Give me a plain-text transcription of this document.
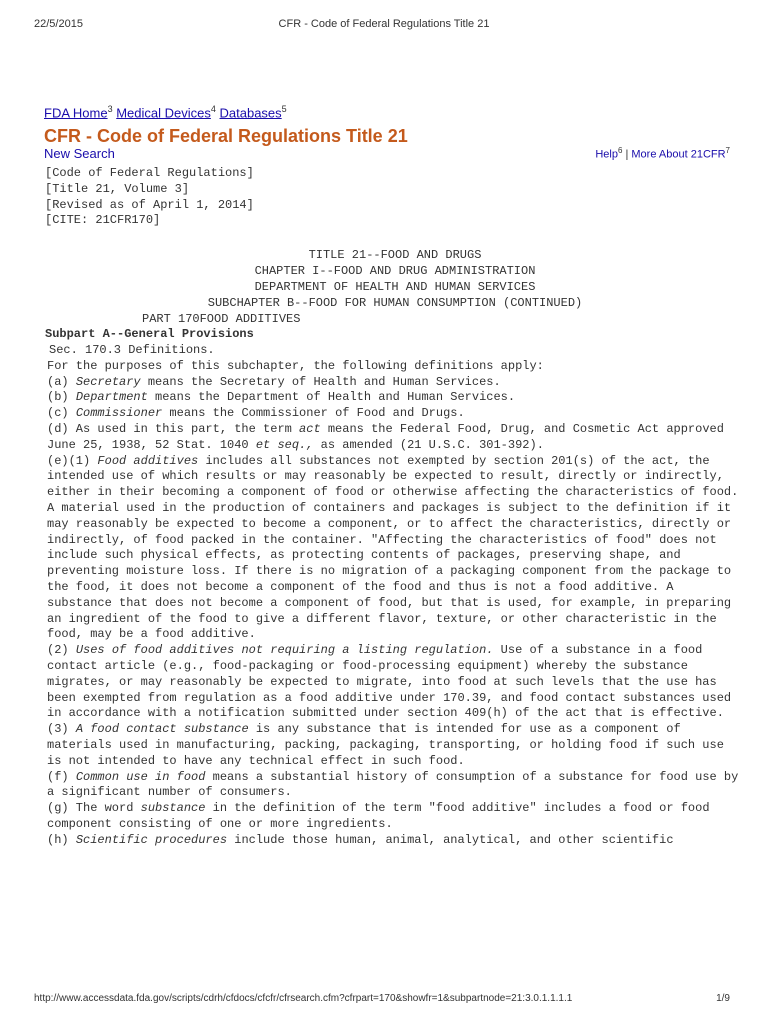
22/5/2015	CFR - Code of Federal Regulations Title 21
FDA Home$^3$ Medical Devices$^4$ Databases$^5$
CFR - Code of Federal Regulations Title 21
New Search	Help$^6$ | More About 21CFR$^7$

[Code of Federal Regulations]

[Title 21, Volume 3]

[Revised as of April 1, 2014]

[CITE: 21CFR170]

TITLE 21--FOOD AND DRUGS

CHAPTER I--FOOD AND DRUG ADMINISTRATION

DEPARTMENT OF HEALTH AND HUMAN SERVICES

SUBCHAPTER B--FOOD FOR HUMAN CONSUMPTION (CONTINUED)

PART 170FOOD ADDITIVES

Subpart A--General Provisions

Sec. 170.3 Definitions.

For the purposes of this subchapter, the following definitions apply:

(a) Secretary means the Secretary of Health and Human Services.

(b) Department means the Department of Health and Human Services.

(c) Commissioner means the Commissioner of Food and Drugs.

(d) As used in this part, the term act means the Federal Food, Drug, and Cosmetic Act approved June 25, 1938, 52 Stat. 1040 et seq., as amended (21 U.S.C. 301-392).

(e)(1) Food additives includes all substances not exempted by section 201(s) of the act, the intended use of which results or may reasonably be expected to result, directly or indirectly, either in their becoming a component of food or otherwise affecting the characteristics of food. A material used in the production of containers and packages is subject to the definition if it may reasonably be expected to become a component, or to affect the characteristics, directly or indirectly, of food packed in the container. "Affecting the characteristics of food" does not include such physical effects, as protecting contents of packages, preserving shape, and preventing moisture loss. If there is no migration of a packaging component from the package to the food, it does not become a component of the food and thus is not a food additive. A substance that does not become a component of food, but that is used, for example, in preparing an ingredient of the food to give a different flavor, texture, or other characteristic in the food, may be a food additive.

(2) Uses of food additives not requiring a listing regulation. Use of a substance in a food contact article (e.g., food-packaging or food-processing equipment) whereby the substance migrates, or may reasonably be expected to migrate, into food at such levels that the use has been exempted from regulation as a food additive under 170.39, and food contact substances used in accordance with a notification submitted under section 409(h) of the act that is effective.

(3) A food contact substance is any substance that is intended for use as a component of materials used in manufacturing, packing, packaging, transporting, or holding food if such use is not intended to have any technical effect in such food.

(f) Common use in food means a substantial history of consumption of a substance for food use by a significant number of consumers.

(g) The word substance in the definition of the term "food additive" includes a food or food component consisting of one or more ingredients.

(h) Scientific procedures include those human, animal, analytical, and other scientific

http://www.accessdata.fda.gov/scripts/cdrh/cfdocs/cfcfr/cfrsearch.cfm?cfrpart=170&showfr=1&subpartnode=21:3.0.1.1.1.1	1/9
